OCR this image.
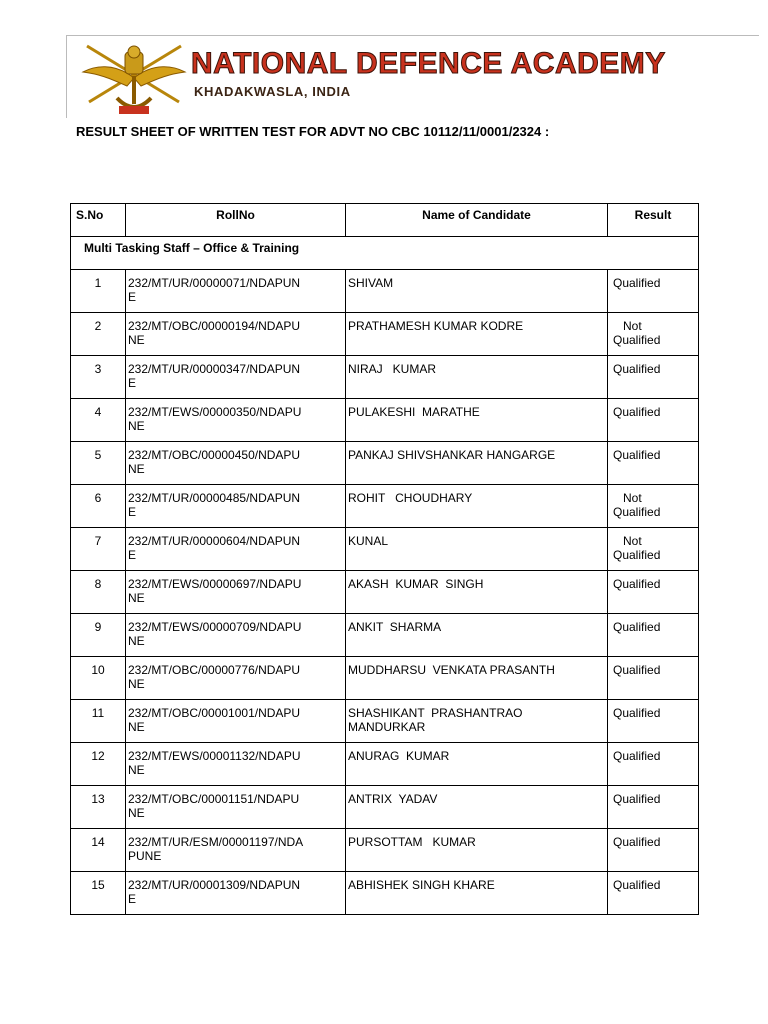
NATIONAL DEFENCE ACADEMY
KHADAKWASLA, INDIA
RESULT SHEET OF WRITTEN TEST FOR ADVT NO CBC 10112/11/0001/2324 :
S.No	RollNo	Name of Candidate	Result
Multi Tasking Staff – Office & Training			
1	232/MT/UR/00000071/NDAPUN
E	SHIVAM	Qualified
2	232/MT/OBC/00000194/NDAPU
NE	PRATHAMESH KUMAR KODRE	Not
Qualified
3	232/MT/UR/00000347/NDAPUN
E	NIRAJ   KUMAR	Qualified
4	232/MT/EWS/00000350/NDAPU
NE	PULAKESHI  MARATHE	Qualified
5	232/MT/OBC/00000450/NDAPU
NE	PANKAJ SHIVSHANKAR HANGARGE	Qualified
6	232/MT/UR/00000485/NDAPUN
E	ROHIT   CHOUDHARY	Not
Qualified
7	232/MT/UR/00000604/NDAPUN
E	KUNAL	Not
Qualified
8	232/MT/EWS/00000697/NDAPU
NE	AKASH  KUMAR  SINGH	Qualified
9	232/MT/EWS/00000709/NDAPU
NE	ANKIT  SHARMA	Qualified
10	232/MT/OBC/00000776/NDAPU
NE	MUDDHARSU  VENKATA PRASANTH	Qualified
11	232/MT/OBC/00001001/NDAPU
NE	SHASHIKANT  PRASHANTRAO
MANDURKAR	Qualified
12	232/MT/EWS/00001132/NDAPU
NE	ANURAG  KUMAR	Qualified
13	232/MT/OBC/00001151/NDAPU
NE	ANTRIX  YADAV	Qualified
14	232/MT/UR/ESM/00001197/NDA
PUNE	PURSOTTAM   KUMAR	Qualified
15	232/MT/UR/00001309/NDAPUN
E	ABHISHEK SINGH KHARE	Qualified
